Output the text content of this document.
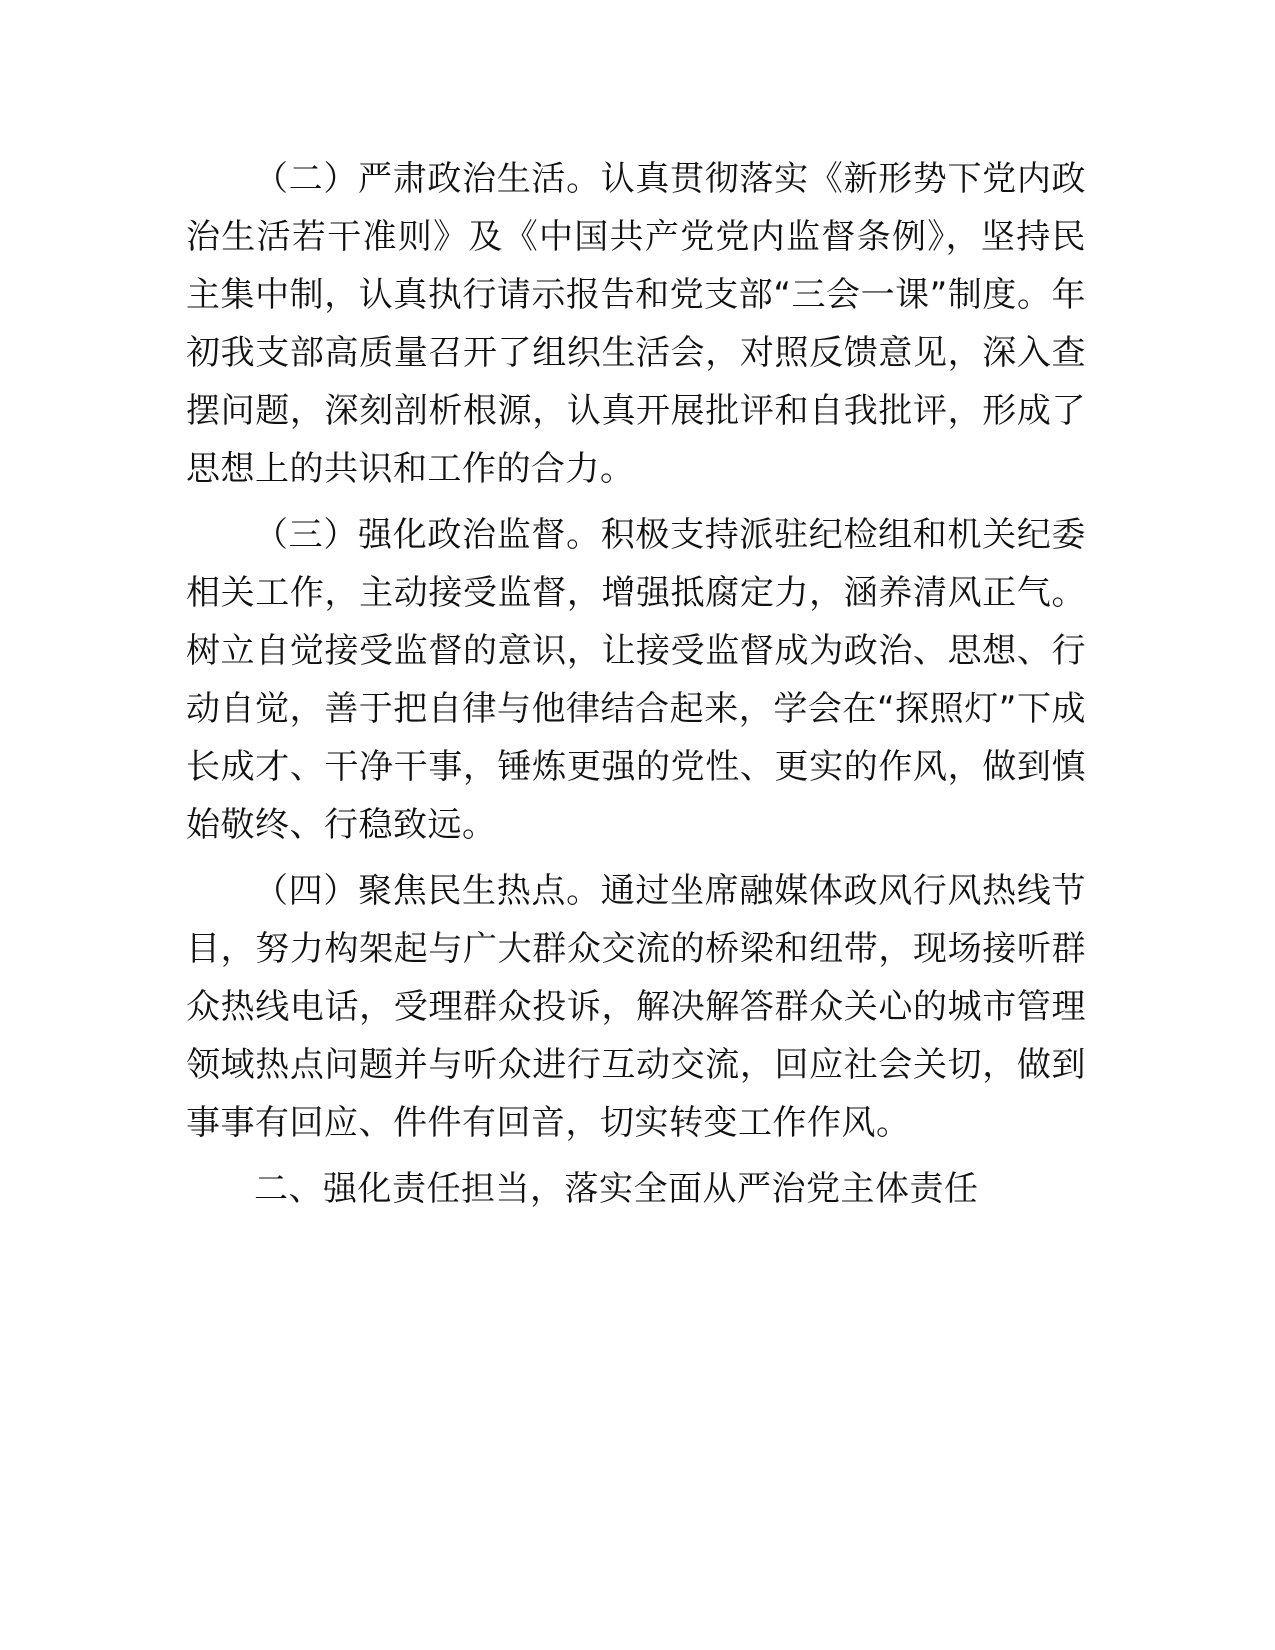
（二）严肃政治生活。认真贯彻落实《新形势下党内政治生活若干准则》及《中国共产党党内监督条例》，坚持民主集中制，认真执行请示报告和党支部“三会一课”制度。年初我支部高质量召开了组织生活会，对照反馈意见，深入查摆问题，深刻剖析根源，认真开展批评和自我批评，形成了思想上的共识和工作的合力。

（三）强化政治监督。积极支持派驻纪检组和机关纪委相关工作，主动接受监督，增强抵腐定力，涵养清风正气。树立自觉接受监督的意识，让接受监督成为政治、思想、行动自觉，善于把自律与他律结合起来，学会在“探照灯”下成长成才、干净干事，锤炼更强的党性、更实的作风，做到慎始敬终、行稳致远。

（四）聚焦民生热点。通过坐席融媒体政风行风热线节目，努力构架起与广大群众交流的桥梁和纽带，现场接听群众热线电话，受理群众投诉，解决解答群众关心的城市管理领域热点问题并与听众进行互动交流，回应社会关切，做到事事有回应、件件有回音，切实转变工作作风。

二、强化责任担当，落实全面从严治党主体责任
